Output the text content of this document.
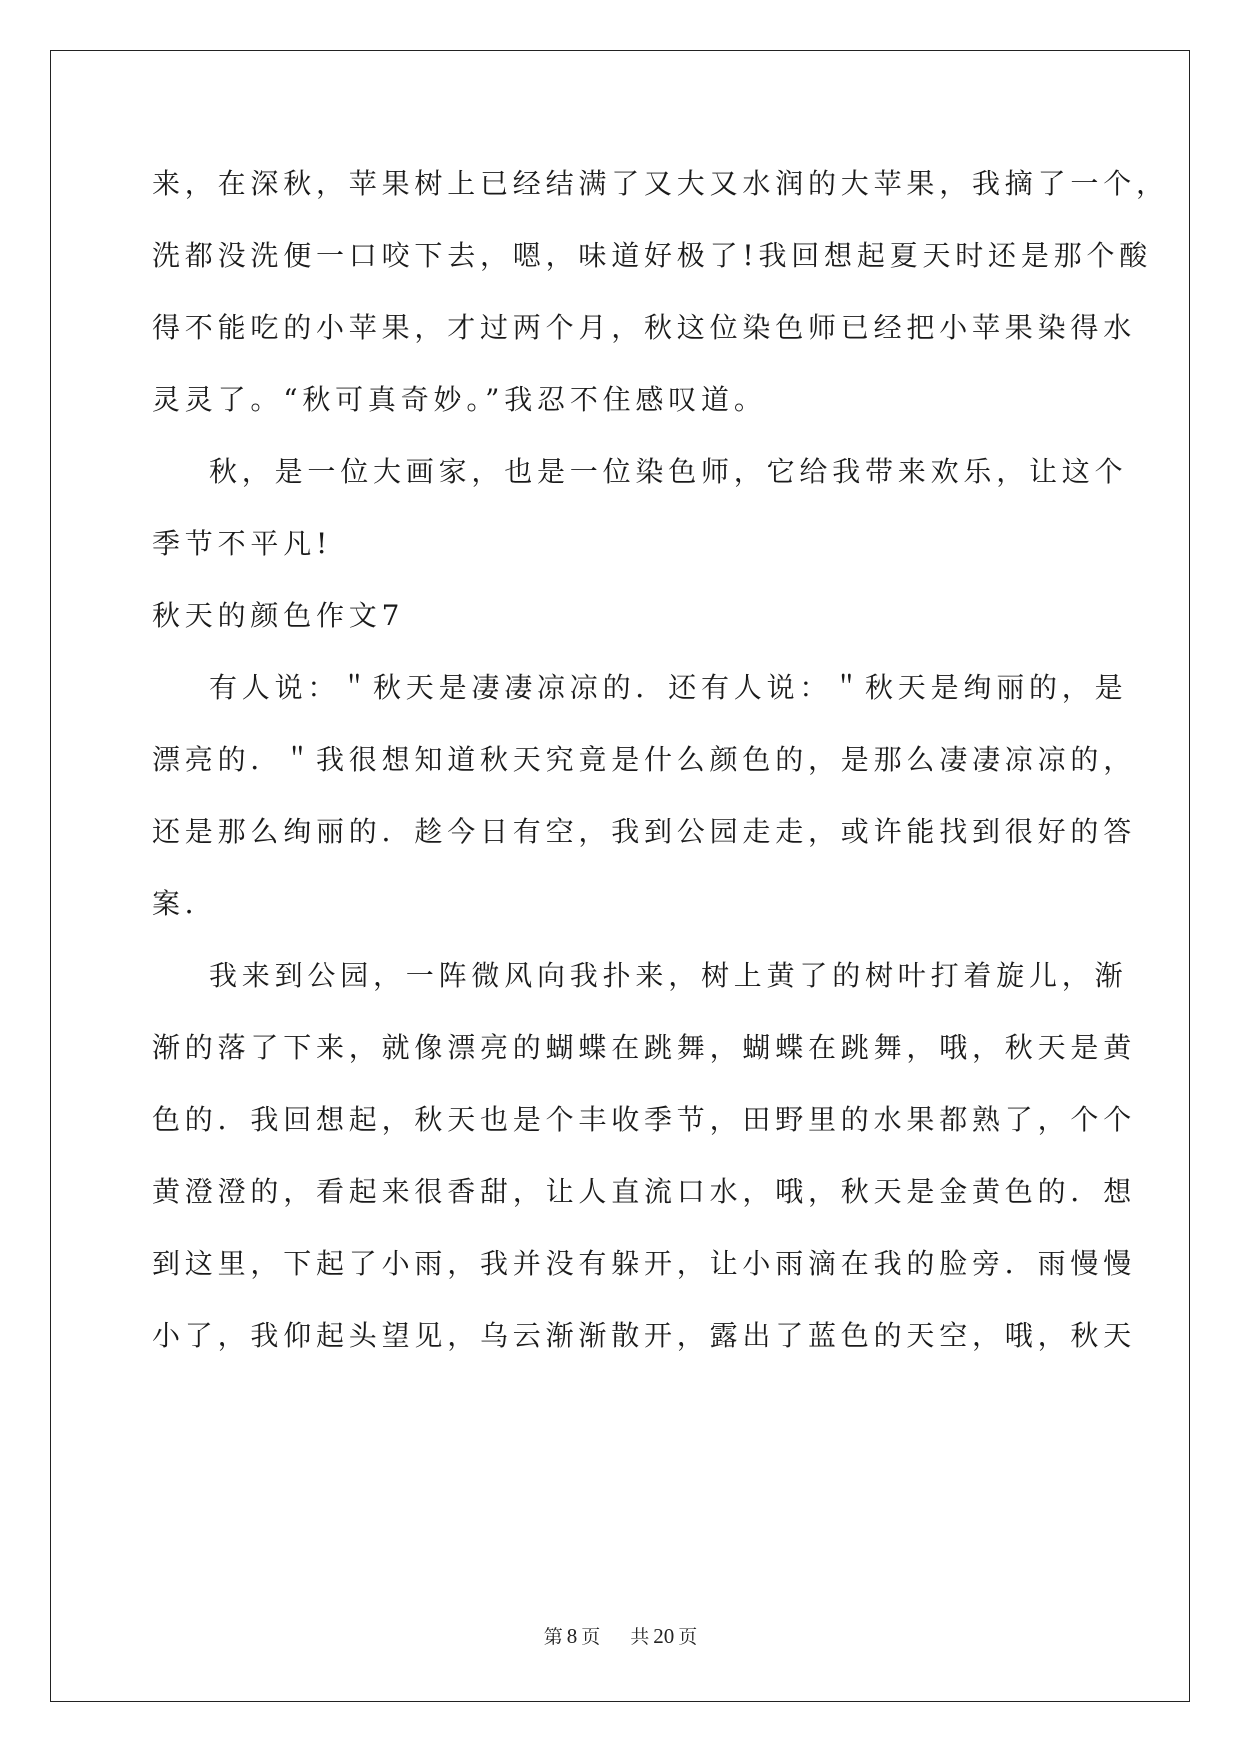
来，在深秋，苹果树上已经结满了又大又水润的大苹果，我摘了一个，
洗都没洗便一口咬下去，嗯，味道好极了!我回想起夏天时还是那个酸
得不能吃的小苹果，才过两个月，秋这位染色师已经把小苹果染得水
灵灵了。“秋可真奇妙。”我忍不住感叹道。
秋，是一位大画家，也是一位染色师，它给我带来欢乐，让这个
季节不平凡!
秋天的颜色作文7
有人说：＂秋天是凄凄凉凉的．还有人说：＂秋天是绚丽的，是
漂亮的．＂我很想知道秋天究竟是什么颜色的，是那么凄凄凉凉的，
还是那么绚丽的．趁今日有空，我到公园走走，或许能找到很好的答
案．
我来到公园，一阵微风向我扑来，树上黄了的树叶打着旋儿，渐
渐的落了下来，就像漂亮的蝴蝶在跳舞，蝴蝶在跳舞，哦，秋天是黄
色的．我回想起，秋天也是个丰收季节，田野里的水果都熟了，个个
黄澄澄的，看起来很香甜，让人直流口水，哦，秋天是金黄色的．想
到这里，下起了小雨，我并没有躲开，让小雨滴在我的脸旁．雨慢慢
小了，我仰起头望见，乌云渐渐散开，露出了蓝色的天空，哦，秋天
第 8 页 共 20 页
